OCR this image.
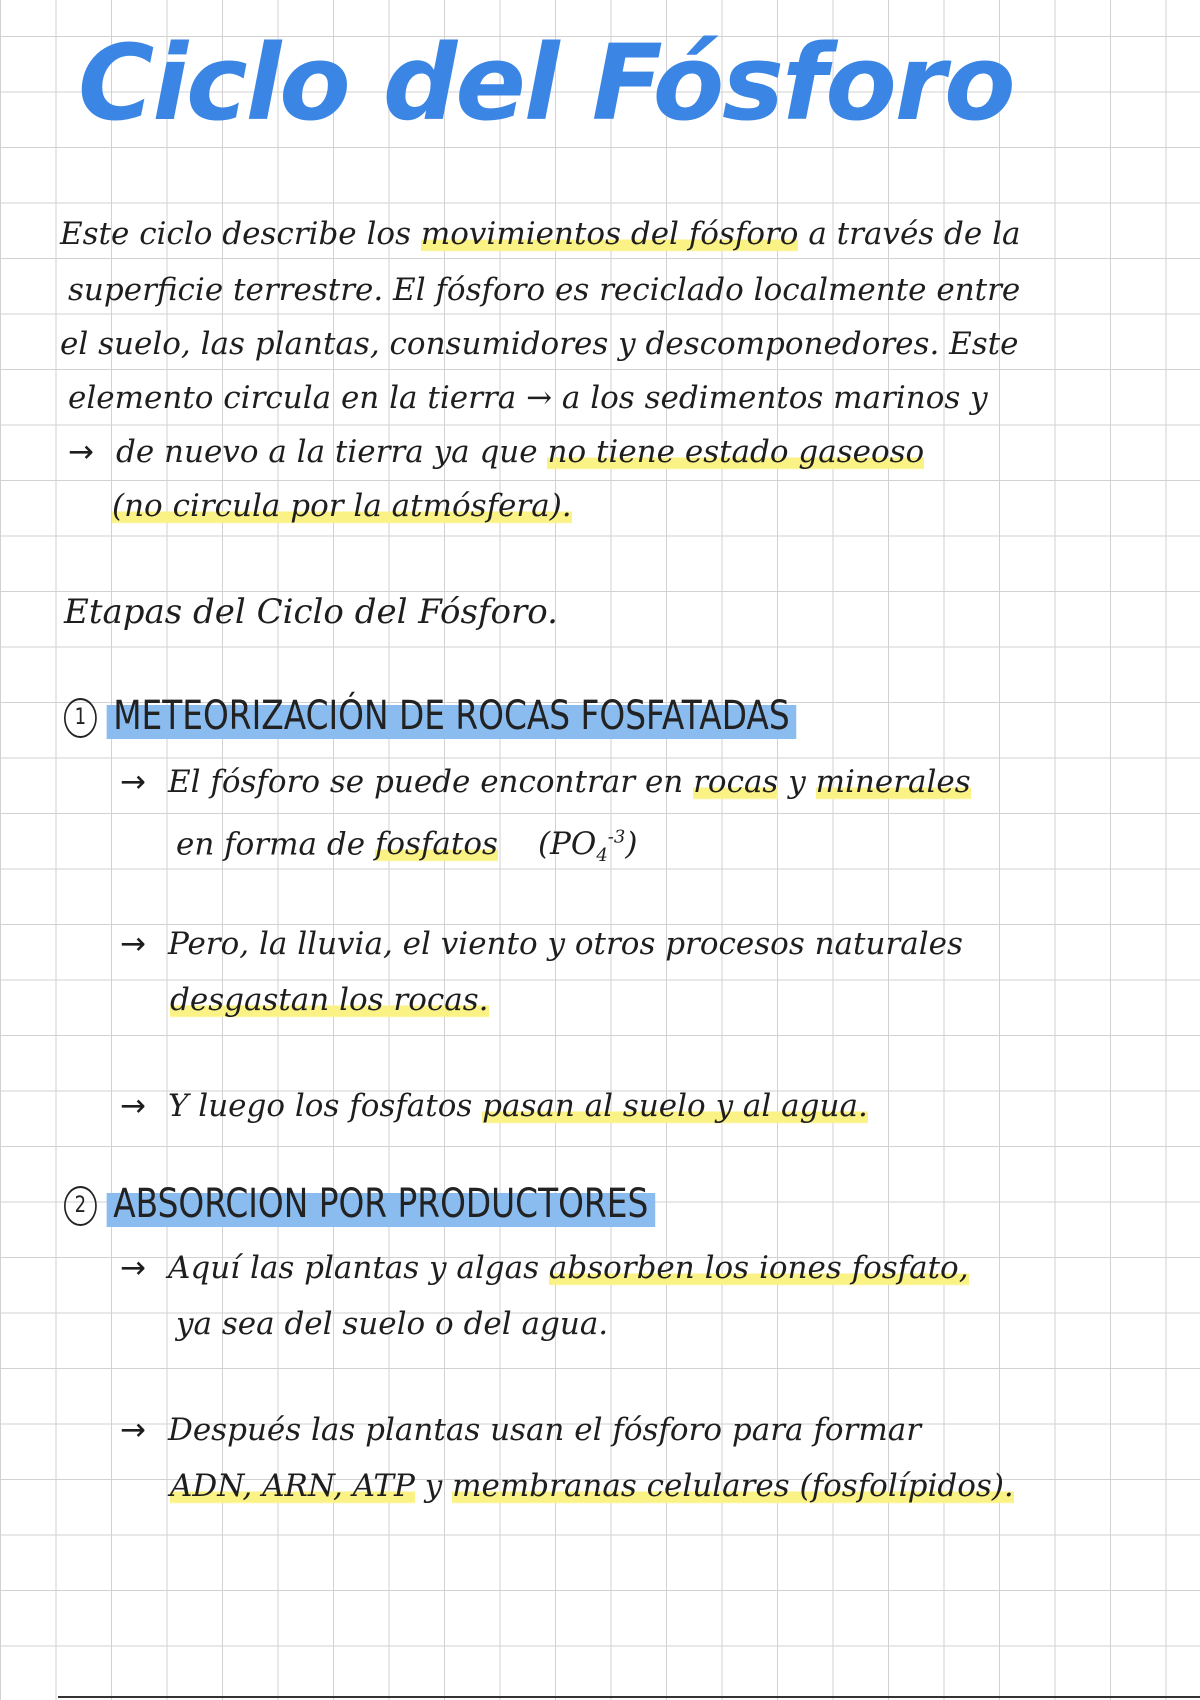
Ciclo del Fósforo

Este ciclo describe los movimientos del fósforo a través de la

superficie terrestre. El fósforo es reciclado localmente entre

el suelo, las plantas, consumidores y descomponedores. Este

elemento circula en la tierra → a los sedimentos marinos y

→ de nuevo a la tierra ya que no tiene estado gaseoso

(no circula por la atmósfera).

Etapas del Ciclo del Fósforo.

1 METEORIZACIÓN DE ROCAS FOSFATADAS

→ El fósforo se puede encontrar en rocas y minerales

en forma de fosfatos $(PO_4^{-3})$

→ Pero, la lluvia, el viento y otros procesos naturales

desgastan los rocas.

→ Y luego los fosfatos pasan al suelo y al agua.

2 ABSORCION POR PRODUCTORES

→ Aquí las plantas y algas absorben los iones fosfato,

ya sea del suelo o del agua.

→ Después las plantas usan el fósforo para formar

ADN, ARN, ATP y membranas celulares (fosfolípidos).
